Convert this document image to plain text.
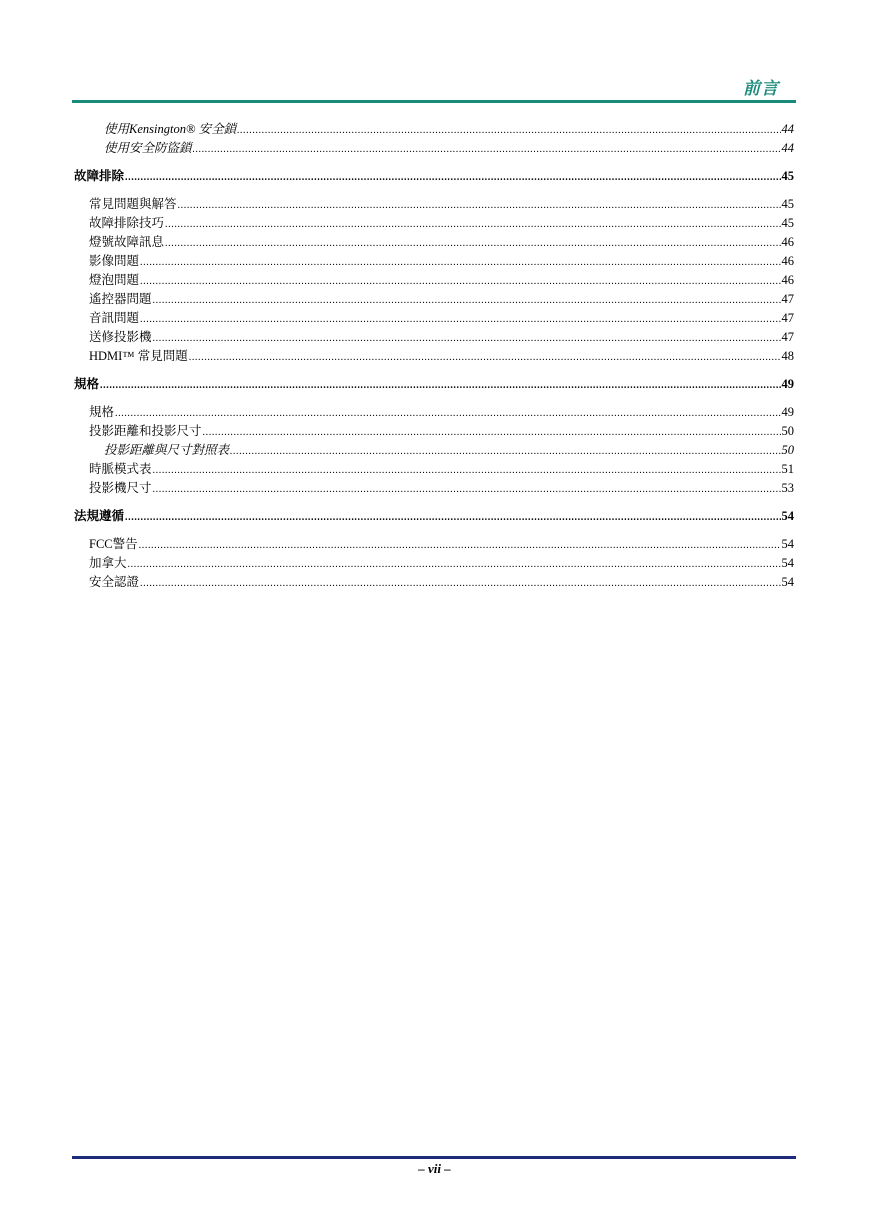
前言
使用Kensington® 安全鎖 .....	44
使用安全防盜鎖 .....	44
故障排除 .....	45
常見問題與解答 .....	45
故障排除技巧 .....	45
燈號故障訊息 .....	46
影像問題 .....	46
燈泡問題 .....	46
遙控器問題 .....	47
音訊問題 .....	47
送修投影機 .....	47
HDMI™ 常見問題 .....	48
規格 .....	49
規格 .....	49
投影距離和投影尺寸 .....	50
投影距離與尺寸對照表 .....	50
時脈模式表 .....	51
投影機尺寸 .....	53
法規遵循 .....	54
FCC警告 .....	54
加拿大 .....	54
安全認證 .....	54
– vii –
